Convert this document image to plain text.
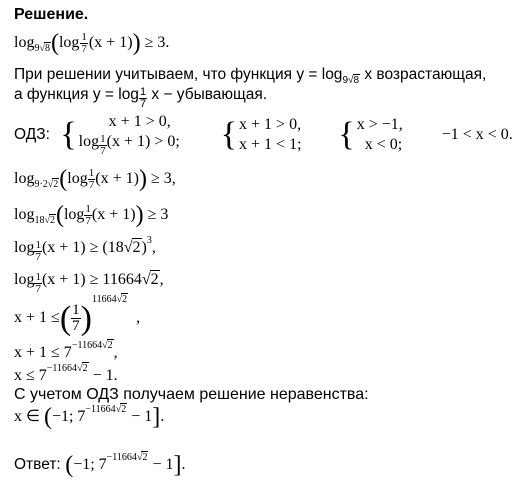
Решение.
$\log_{9√8}(\log \frac{1}{7} (x + 1)) \ge 3$.
При решении учитываем, что функция $y = \log_{9√8} x$ возрастающая,
а функция $y = \log \frac{1}{7}$ x − убывающая.
ОДЗ: {	x + 1 > 0,
$\log \frac{1}{7} (x + 1) > 0$; { x + 1 > 0,
x + 1 < 1; { x > −1,
x < 0;
−1 < x < 0.
$\log_{9\cdot 2√2}(\log \frac{1}{7} (x + 1)) \ge 3$,
$\log_{18√2}(\log \frac{1}{7} (x + 1)) \ge 3$
$\log \frac{1}{7} (x + 1) \ge (18√2)^3$,
$\log \frac{1}{7} (x + 1) \ge 11664√2$,
x + 1 ≤( $\frac{1}{7} )^{11664√2}$,
$x + 1 \le 7^{-11664√2}$,
$x \le 7^{-11664√2} - 1$.
С учетом ОДЗ получаем решение неравенства:
x ∈ (−1; $7^{-11664√2} - 1$].
Ответ: (−1; $7^{-11664√2} - 1$].
